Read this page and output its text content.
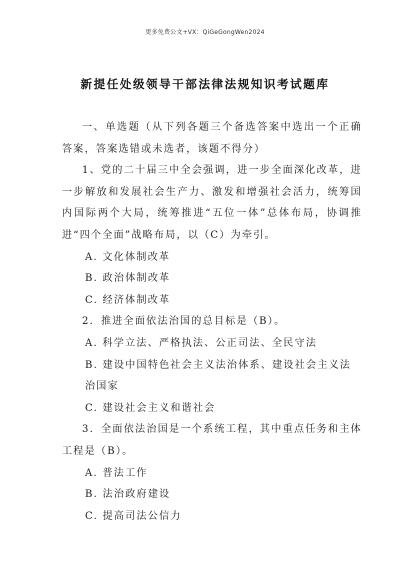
更多免费公文+VX：QiGeGongWen2024
新提任处级领导干部法律法规知识考试题库

一、单选题（从下列各题三个备选答案中选出一个正确答案，答案选错或未选者，该题不得分）

1、党的二十届三中全会强调，进一步全面深化改革，进一步解放和发展社会生产力、激发和增强社会活力，统筹国内国际两个大局，统筹推进“五位一体”总体布局，协调推进“四个全面”战略布局，以（C）为牵引。

A . 文化体制改革

B . 政治体制改革

C . 经济体制改革

2．推进全面依法治国的总目标是（B）。

A . 科学立法、严格执法、公正司法、全民守法

B . 建设中国特色社会主义法治体系、建设社会主义法治国家

C . 建设社会主义和谐社会

3．全面依法治国是一个系统工程，其中重点任务和主体工程是（B）。

A . 普法工作

B . 法治政府建设

C . 提高司法公信力
